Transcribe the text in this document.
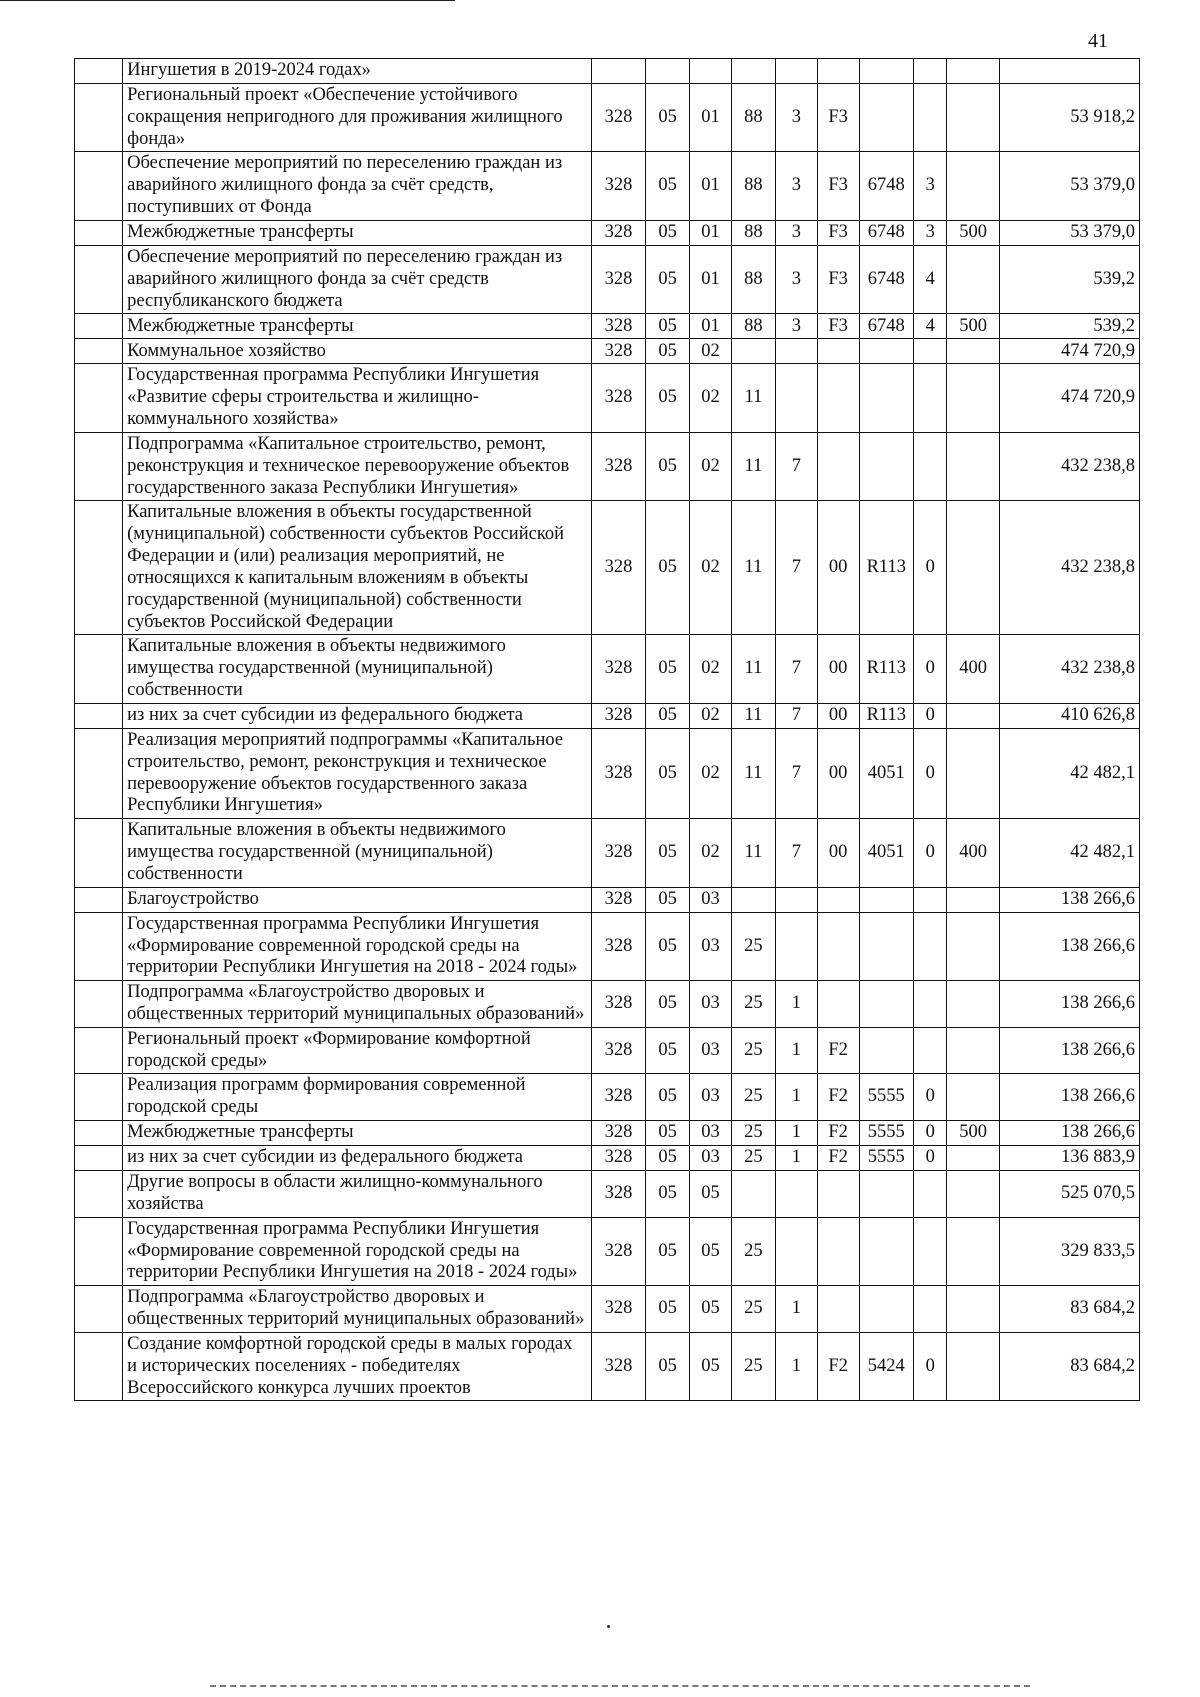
41
	Ингушетия в 2019-2024 годах»										
	Региональный проект «Обеспечение устойчивого сокращения непригодного для проживания жилищного фонда»	328	05	01	88	3	F3				53 918,2
	Обеспечение мероприятий по переселению граждан из аварийного жилищного фонда за счёт средств, поступивших от Фонда	328	05	01	88	3	F3	6748	3		53 379,0
	Межбюджетные трансферты	328	05	01	88	3	F3	6748	3	500	53 379,0
	Обеспечение мероприятий по переселению граждан из аварийного жилищного фонда за счёт средств республиканского бюджета	328	05	01	88	3	F3	6748	4		539,2
	Межбюджетные трансферты	328	05	01	88	3	F3	6748	4	500	539,2
	Коммунальное хозяйство	328	05	02							474 720,9
	Государственная программа Республики Ингушетия «Развитие сферы строительства и жилищно-коммунального хозяйства»	328	05	02	11						474 720,9
	Подпрограмма «Капитальное строительство, ремонт, реконструкция и техническое перевооружение объектов государственного заказа Республики Ингушетия»	328	05	02	11	7					432 238,8
	Капитальные вложения в объекты государственной (муниципальной) собственности субъектов Российской Федерации и (или) реализация мероприятий, не относящихся к капитальным вложениям в объекты государственной (муниципальной) собственности субъектов Российской Федерации	328	05	02	11	7	00	R113	0		432 238,8
	Капитальные вложения в объекты недвижимого имущества государственной (муниципальной) собственности	328	05	02	11	7	00	R113	0	400	432 238,8
	из них за счет субсидии из федерального бюджета	328	05	02	11	7	00	R113	0		410 626,8
	Реализация мероприятий подпрограммы «Капитальное строительство, ремонт, реконструкция и техническое перевооружение объектов государственного заказа Республики Ингушетия»	328	05	02	11	7	00	4051	0		42 482,1
	Капитальные вложения в объекты недвижимого имущества государственной (муниципальной) собственности	328	05	02	11	7	00	4051	0	400	42 482,1
	Благоустройство	328	05	03							138 266,6
	Государственная программа Республики Ингушетия «Формирование современной городской среды на территории Республики Ингушетия на 2018 - 2024 годы»	328	05	03	25						138 266,6
	Подпрограмма «Благоустройство дворовых и общественных территорий муниципальных образований»	328	05	03	25	1					138 266,6
	Региональный проект «Формирование комфортной городской среды»	328	05	03	25	1	F2				138 266,6
	Реализация программ формирования современной городской среды	328	05	03	25	1	F2	5555	0		138 266,6
	Межбюджетные трансферты	328	05	03	25	1	F2	5555	0	500	138 266,6
	из них за счет субсидии из федерального бюджета	328	05	03	25	1	F2	5555	0		136 883,9
	Другие вопросы в области жилищно-коммунального хозяйства	328	05	05							525 070,5
	Государственная программа Республики Ингушетия «Формирование современной городской среды на территории Республики Ингушетия на 2018 - 2024 годы»	328	05	05	25						329 833,5
	Подпрограмма «Благоустройство дворовых и общественных территорий муниципальных образований»	328	05	05	25	1					83 684,2
	Создание комфортной городской среды в малых городах и исторических поселениях - победителях Всероссийского конкурса лучших проектов	328	05	05	25	1	F2	5424	0		83 684,2
